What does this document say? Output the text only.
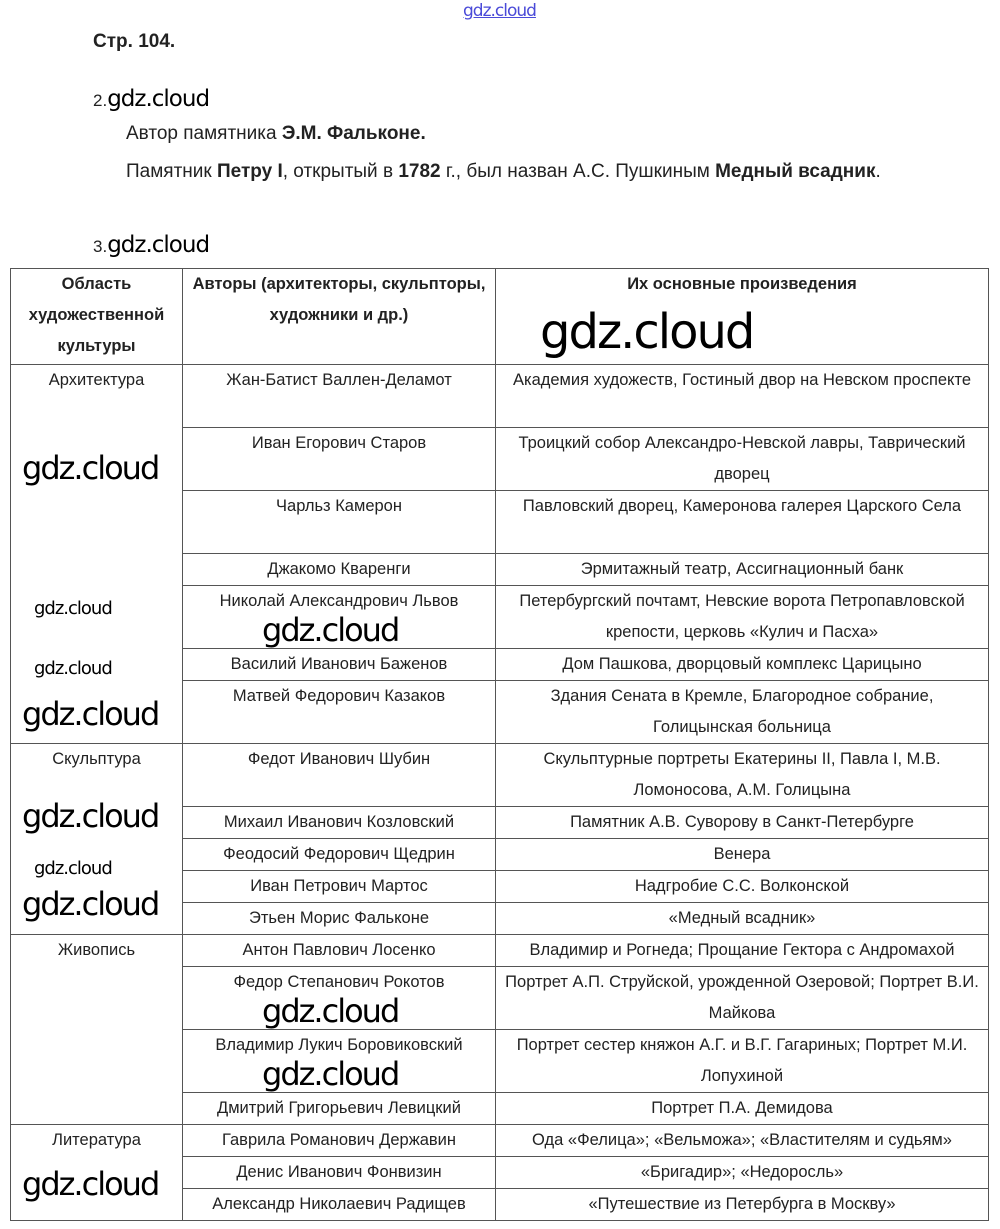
gdz.cloud
Стр. 104.
2.gdz.cloud
Автор памятника Э.М. Фальконе.
Памятник Петру I, открытый в 1782 г., был назван А.С. Пушкиным Медный всадник.
3.gdz.cloud
Область художественной культуры	Авторы (архитекторы, скульпторы, художники и др.)	Их основные произведения
Архитектура	Жан-Батист Валлен-Деламот	Академия художеств, Гостиный двор на Невском проспекте
	Иван Егорович Старов	Троицкий собор Александро-Невской лавры, Таврический дворец
	Чарльз Камерон	Павловский дворец, Камеронова галерея Царского Села
	Джакомо Кваренги	Эрмитажный театр, Ассигнационный банк
	Николай Александрович Львов	Петербургский почтамт, Невские ворота Петропавловской крепости, церковь «Кулич и Пасха»
	Василий Иванович Баженов	Дом Пашкова, дворцовый комплекс Царицыно
	Матвей Федорович Казаков	Здания Сената в Кремле, Благородное собрание, Голицынская больница
Скульптура	Федот Иванович Шубин	Скульптурные портреты Екатерины II, Павла I, М.В. Ломоносова, А.М. Голицына
	Михаил Иванович Козловский	Памятник А.В. Суворову в Санкт-Петербурге
	Феодосий Федорович Щедрин	Венера
	Иван Петрович Мартос	Надгробие С.С. Волконской
	Этьен Морис Фальконе	«Медный всадник»
Живопись	Антон Павлович Лосенко	Владимир и Рогнеда; Прощание Гектора с Андромахой
	Федор Степанович Рокотов	Портрет А.П. Струйской, урожденной Озеровой; Портрет В.И. Майкова
	Владимир Лукич Боровиковский	Портрет сестер княжон А.Г. и В.Г. Гагариных; Портрет М.И. Лопухиной
	Дмитрий Григорьевич Левицкий	Портрет П.А. Демидова
Литература	Гаврила Романович Державин	Ода «Фелица»; «Вельможа»; «Властителям и судьям»
	Денис Иванович Фонвизин	«Бригадир»; «Недоросль»
	Александр Николаевич Радищев	«Путешествие из Петербурга в Москву»
gdz.cloud
gdz.cloud
gdz.cloud
gdz.cloud
gdz.cloud
gdz.cloud
gdz.cloud
gdz.cloud
gdz.cloud
gdz.cloud
gdz.cloud
gdz.cloud
